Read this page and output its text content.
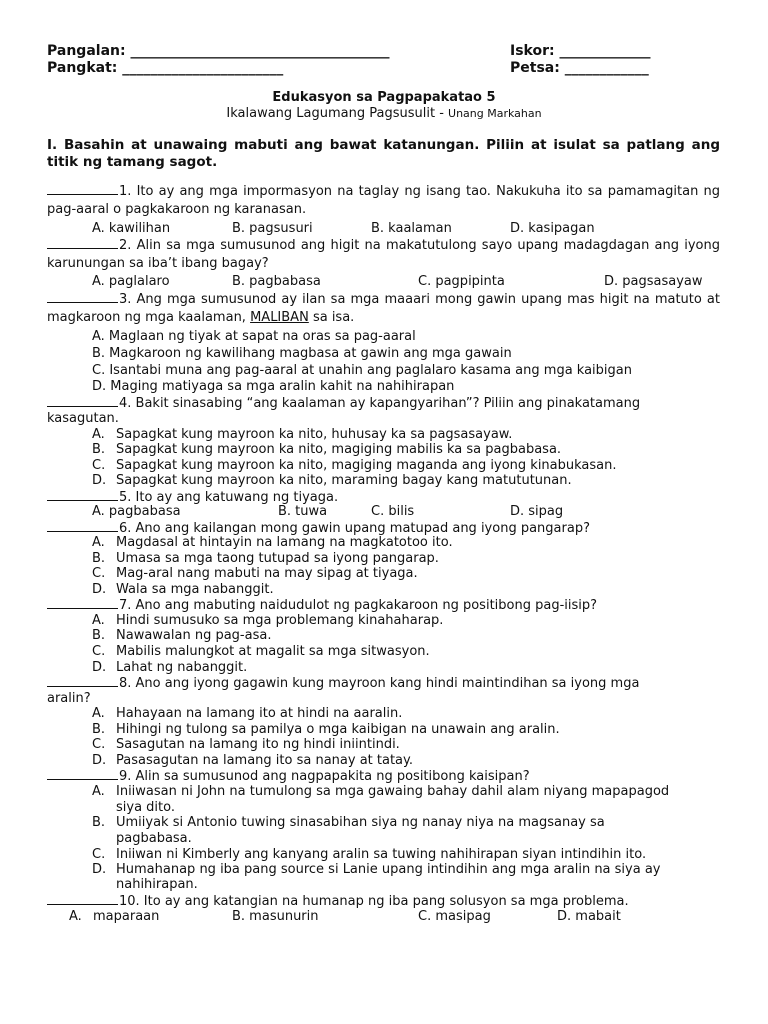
Pangalan: _____________________________________
Pangkat: _______________________
Iskor: _____________
Petsa: ____________
Edukasyon sa Pagpapakatao 5
Ikalawang Lagumang Pagsusulit - Unang Markahan
I. Basahin at unawaing mabuti ang bawat katanungan. Piliin at isulat sa patlang ang titik ng tamang sagot.
1. Ito ay ang mga impormasyon na taglay ng isang tao. Nakukuha ito sa pamamagitan ng pag-aaral o pagkakaroon ng karanasan.
A. kawilihan	B. pagsusuri	B. kaalaman	D. kasipagan
2. Alin sa mga sumusunod ang higit na makatutulong sayo upang madagdagan ang iyong karunungan sa iba’t ibang bagay?
A. paglalaro	B. pagbabasa	C. pagpipinta	D. pagsasayaw
3. Ang mga sumusunod ay ilan sa mga maaari mong gawin upang mas higit na matuto at magkaroon ng mga kaalaman, MALIBAN sa isa.
A. Maglaan ng tiyak at sapat na oras sa pag-aaral
B. Magkaroon ng kawilihang magbasa at gawin ang mga gawain
C. Isantabi muna ang pag-aaral at unahin ang paglalaro kasama ang mga kaibigan
D. Maging matiyaga sa mga aralin kahit na nahihirapan
4. Bakit sinasabing “ang kaalaman ay kapangyarihan”? Piliin ang pinakatamang
kasagutan.
A. Sapagkat kung mayroon ka nito, huhusay ka sa pagsasayaw.
B. Sapagkat kung mayroon ka nito, magiging mabilis ka sa pagbabasa.
C. Sapagkat kung mayroon ka nito, magiging maganda ang iyong kinabukasan.
D. Sapagkat kung mayroon ka nito, maraming bagay kang matututunan.
5. Ito ay ang katuwang ng tiyaga.
A. pagbabasa	B. tuwa	C. bilis	D. sipag
6. Ano ang kailangan mong gawin upang matupad ang iyong pangarap?
A. Magdasal at hintayin na lamang na magkatotoo ito.
B. Umasa sa mga taong tutupad sa iyong pangarap.
C. Mag-aral nang mabuti na may sipag at tiyaga.
D. Wala sa mga nabanggit.
7. Ano ang mabuting naidudulot ng pagkakaroon ng positibong pag-iisip?
A. Hindi sumusuko sa mga problemang kinahaharap.
B. Nawawalan ng pag-asa.
C. Mabilis malungkot at magalit sa mga sitwasyon.
D. Lahat ng nabanggit.
8. Ano ang iyong gagawin kung mayroon kang hindi maintindihan sa iyong mga
aralin?
A. Hahayaan na lamang ito at hindi na aaralin.
B. Hihingi ng tulong sa pamilya o mga kaibigan na unawain ang aralin.
C. Sasagutan na lamang ito ng hindi iniintindi.
D. Pasasagutan na lamang ito sa nanay at tatay.
9. Alin sa sumusunod ang nagpapakita ng positibong kaisipan?
A. Iniiwasan ni John na tumulong sa mga gawaing bahay dahil alam niyang mapapagod
siya dito.
B. Umiiyak si Antonio tuwing sinasabihan siya ng nanay niya na magsanay sa
pagbabasa.
C. Iniiwan ni Kimberly ang kanyang aralin sa tuwing nahihirapan siyan intindihin ito.
D. Humahanap ng iba pang source si Lanie upang intindihin ang mga aralin na siya ay
nahihirapan.
10. Ito ay ang katangian na humanap ng iba pang solusyon sa mga problema.
A. maparaan	B. masunurin	C. masipag	D. mabait
